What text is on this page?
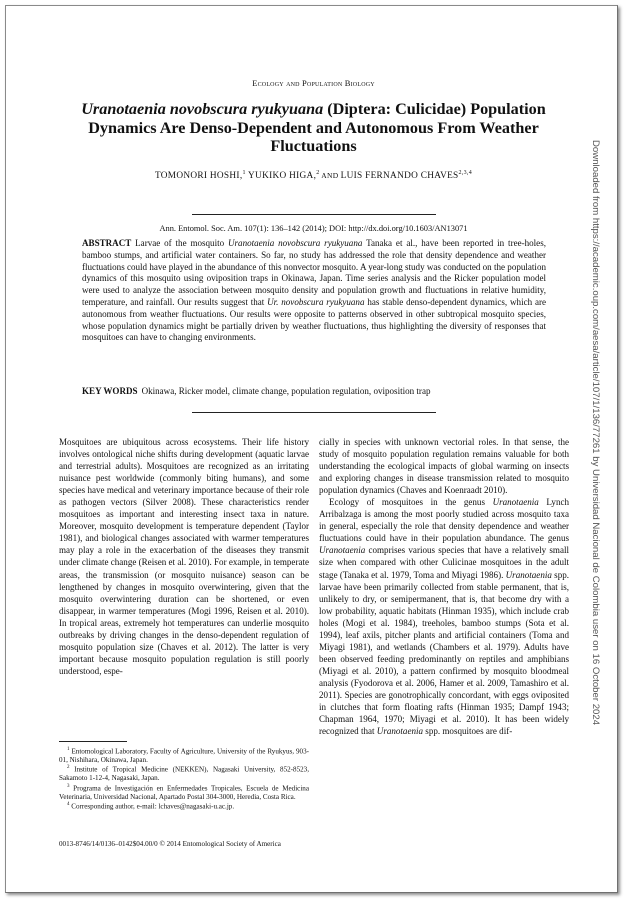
Ecology and Population Biology
Uranotaenia novobscura ryukyuana (Diptera: Culicidae) Population Dynamics Are Denso-Dependent and Autonomous From Weather Fluctuations
TOMONORI HOSHI,$^1$ YUKIKO HIGA,$^2$ AND LUIS FERNANDO CHAVES$^{2,3,4}$
Ann. Entomol. Soc. Am. 107(1): 136–142 (2014); DOI: http://dx.doi.org/10.1603/AN13071
ABSTRACT Larvae of the mosquito Uranotaenia novobscura ryukyuana Tanaka et al., have been reported in tree-holes, bamboo stumps, and artificial water containers. So far, no study has addressed the role that density dependence and weather fluctuations could have played in the abundance of this nonvector mosquito. A year-long study was conducted on the population dynamics of this mosquito using oviposition traps in Okinawa, Japan. Time series analysis and the Ricker population model were used to analyze the association between mosquito density and population growth and fluctuations in relative humidity, temperature, and rainfall. Our results suggest that Ur. novobscura ryukyuana has stable denso-dependent dynamics, which are autonomous from weather fluctuations. Our results were opposite to patterns observed in other subtropical mosquito species, whose population dynamics might be partially driven by weather fluctuations, thus highlighting the diversity of responses that mosquitoes can have to changing environments.
KEY WORDS Okinawa, Ricker model, climate change, population regulation, oviposition trap

Mosquitoes are ubiquitous across ecosystems. Their life history involves ontological niche shifts during development (aquatic larvae and terrestrial adults). Mosquitoes are recognized as an irritating nuisance pest worldwide (commonly biting humans), and some species have medical and veterinary importance because of their role as pathogen vectors (Silver 2008). These characteristics render mosquitoes as important and interesting insect taxa in nature. Moreover, mosquito development is temperature dependent (Taylor 1981), and biological changes associated with warmer temperatures may play a role in the exacerbation of the diseases they transmit under climate change (Reisen et al. 2010). For example, in temperate areas, the transmission (or mosquito nuisance) season can be lengthened by changes in mosquito overwintering, given that the mosquito overwintering duration can be shortened, or even disappear, in warmer temperatures (Mogi 1996, Reisen et al. 2010). In tropical areas, extremely hot temperatures can underlie mosquito outbreaks by driving changes in the denso-dependent regulation of mosquito population size (Chaves et al. 2012). The latter is very important because mosquito population regulation is still poorly understood, espe-

cially in species with unknown vectorial roles. In that sense, the study of mosquito population regulation remains valuable for both understanding the ecological impacts of global warming on insects and exploring changes in disease transmission related to mosquito population dynamics (Chaves and Koenraadt 2010).

Ecology of mosquitoes in the genus Uranotaenia Lynch Arribalzaga is among the most poorly studied across mosquito taxa in general, especially the role that density dependence and weather fluctuations could have in their population abundance. The genus Uranotaenia comprises various species that have a relatively small size when compared with other Culicinae mosquitoes in the adult stage (Tanaka et al. 1979, Toma and Miyagi 1986). Uranotaenia spp. larvae have been primarily collected from stable permanent, that is, unlikely to dry, or semipermanent, that is, that become dry with a low probability, aquatic habitats (Hinman 1935), which include crab holes (Mogi et al. 1984), treeholes, bamboo stumps (Sota et al. 1994), leaf axils, pitcher plants and artificial containers (Toma and Miyagi 1981), and wetlands (Chambers et al. 1979). Adults have been observed feeding predominantly on reptiles and amphibians (Miyagi et al. 2010), a pattern confirmed by mosquito bloodmeal analysis (Fyodorova et al. 2006, Hamer et al. 2009, Tamashiro et al. 2011). Species are gonotrophically concordant, with eggs oviposited in clutches that form floating rafts (Hinman 1935; Dampf 1943; Chapman 1964, 1970; Miyagi et al. 2010). It has been widely recognized that Uranotaenia spp. mosquitoes are dif-

$^1$ Entomological Laboratory, Faculty of Agriculture, University of the Ryukyus, 903-01, Nishihara, Okinawa, Japan.

$^2$ Institute of Tropical Medicine (NEKKEN), Nagasaki University, 852-8523, Sakamoto 1-12-4, Nagasaki, Japan.

$^3$ Programa de Investigación en Enfermedades Tropicales, Escuela de Medicina Veterinaria, Universidad Nacional, Apartado Postal 304-3000, Heredia, Costa Rica.

$^4$ Corresponding author, e-mail: lchaves@nagasaki-u.ac.jp.

0013-8746/14/0136–0142$04.00/0 © 2014 Entomological Society of America
Downloaded from https://academic.oup.com/aesa/article/107/1/136/77261 by Universidad Nacional de Colombia user on 16 October 2024
